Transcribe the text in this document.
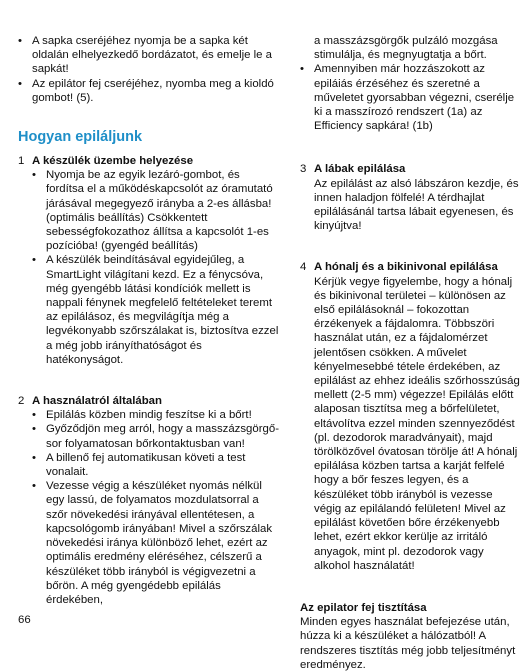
• A sapka cseréjéhez nyomja be a sapka két oldalán elhelyezkedő bordázatot, és emelje le a sapkát!
• Az epilátor fej cseréjéhez, nyomba meg a kioldó gombot! (5).
Hogyan epiláljunk
1 A készülék üzembe helyezése
• Nyomja be az egyik lezáró-gombot, és fordítsa el a működéskapcsolót az óramutató járásával megegyező irányba a 2-es állásba! (optimális beállítás) Csökkentett sebességfokozathoz állítsa a kapcsolót 1-es pozícióba! (gyengéd beállítás)
• A készülék beindításával egyidejűleg, a SmartLight világítani kezd. Ez a fénycsóva, még gyengébb látási kondíciók mellett is nappali fénynek megfelelő feltételeket teremt az epilálásoz, és megvilágítja még a legvékonyabb szőrszálakat is, biztosítva ezzel a még jobb irányíthatóságot és hatékonyságot.
2 A használatról általában
• Epilálás közben mindig feszítse ki a bőrt!
• Győződjön meg arról, hogy a masszázsgörgő-sor folyamatosan bőrkontaktusban van!
• A billenő fej automatikusan követi a test vonalait.
• Vezesse végig a készüléket nyomás nélkül egy lassú, de folyamatos mozdulatsorral a szőr növekedési irányával ellentétesen, a kapcsológomb irányában! Mivel a szőrszálak növekedési iránya különböző lehet, ezért az optimális eredmény eléréséhez, célszerű a készüléket több irányból is végigvezetni a bőrön. A még gyengédebb epilálás érdekében,
a masszázsgörgők pulzáló mozgása stimulálja, és megnyugtatja a bőrt.
• Amennyiben már hozzászokott az epiláiás érzéséhez és szeretné a műveletet gyorsabban végezni, cserélje ki a masszírozó rendszert (1a) az Efficiency sapkára! (1b)
3 A lábak epilálása
Az epilálást az alsó lábszáron kezdje, és innen haladjon fölfelé! A térdhajlat epilálásánál tartsa lábait egyenesen, és kinyújtva!
4 A hónalj és a bikinivonal epilálása
Kérjük vegye figyelembe, hogy a hónalj és bikinivonal területei – különösen az első epilálásoknál – fokozottan érzékenyek a fájdalomra. Többszöri használat után, ez a fájdalomérzet jelentősen csökken. A művelet kényelmesebbé tétele érdekében, az epilálást az ehhez ideális szőrhosszúság mellett (2-5 mm) végezze! Epilálás előtt alaposan tisztítsa meg a bőrfelületet, eltávolítva ezzel minden szennyeződést (pl. dezodorok maradványait), majd törölközővel óvatosan törölje át! A hónalj epilálása közben tartsa a karját felfelé hogy a bőr feszes legyen, és a készüléket több irányból is vezesse végig az epilálandó felületen! Mivel az epilálást követően bőre érzékenyebb lehet, ezért ekkor kerülje az irritáló anyagok, mint pl. dezodorok vagy alkohol használatát!
Az epilator fej tisztítása
Minden egyes használat befejezése után, húzza ki a készüléket a hálózatból! A rendszeres tisztítás még jobb teljesítményt eredményez.
66
